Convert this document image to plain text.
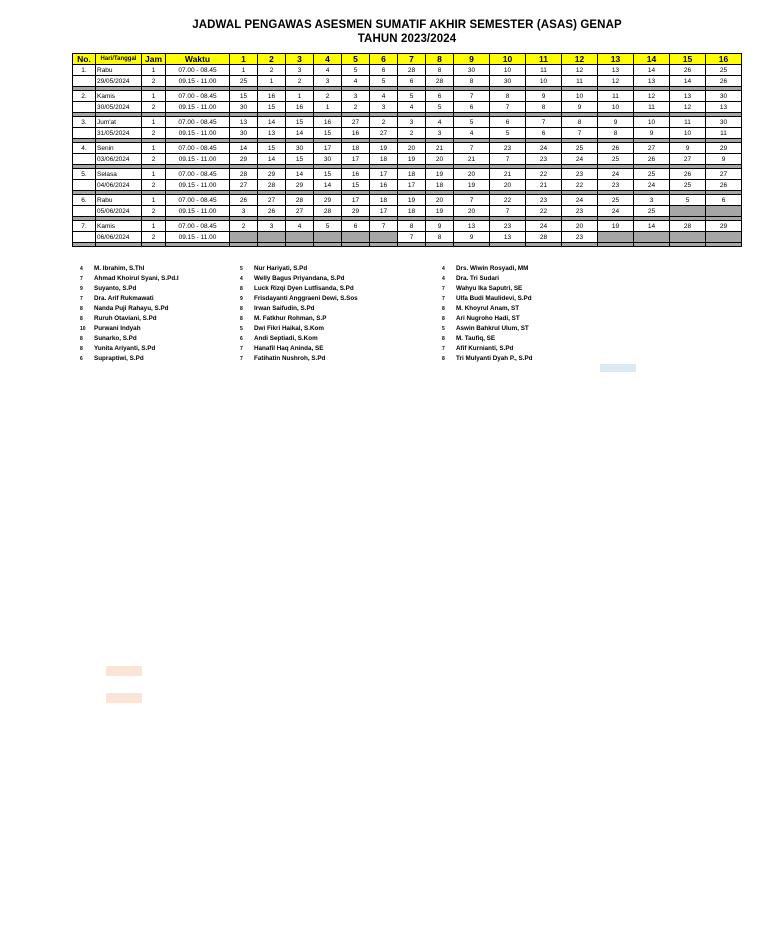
JADWAL PENGAWAS ASESMEN SUMATIF AKHIR SEMESTER (ASAS) GENAP
TAHUN 2023/2024
No.	Hari/Tanggal	Jam	Waktu	1	2	3	4	5	6	7	8	9	10	11	12	13	14	15	16
1.	Rabu	1	07.00 - 08.45	1	2	3	4	5	6	28	8	30	10	11	12	13	14	26	25
	29/05/2024	2	09.15 - 11.00	25	1	2	3	4	5	6	28	8	30	10	11	12	13	14	26

2.	Kamis	1	07.00 - 08.45	15	16	1	2	3	4	5	6	7	8	9	10	11	12	13	30
	30/05/2024	2	09.15 - 11.00	30	15	16	1	2	3	4	5	6	7	8	9	10	11	12	13

3.	Jum'at	1	07.00 - 08.45	13	14	15	16	27	2	3	4	5	6	7	8	9	10	11	30
	31/05/2024	2	09.15 - 11.00	30	13	14	15	16	27	2	3	4	5	6	7	8	9	10	11

4.	Senin	1	07.00 - 08.45	14	15	30	17	18	19	20	21	7	23	24	25	26	27	9	29
	03/06/2024	2	09.15 - 11.00	29	14	15	30	17	18	19	20	21	7	23	24	25	26	27	9

5.	Selasa	1	07.00 - 08.45	28	29	14	15	16	17	18	19	20	21	22	23	24	25	26	27
	04/06/2024	2	09.15 - 11.00	27	28	29	14	15	16	17	18	19	20	21	22	23	24	25	26

6.	Rabu	1	07.00 - 08.45	26	27	28	29	17	18	19	20	7	22	23	24	25	3	5	6
	05/06/2024	2	09.15 - 11.00	3	26	27	28	29	17	18	19	20	7	22	23	24	25		

7.	Kamis	1	07.00 - 08.45	2	3	4	5	6	7	8	9	13	23	24	20	19	14	28	29
	06/06/2024	2	09.15 - 11.00							7	8	9	13	28	23				

4	M. Ibrahim, S.Thl
7	Ahmad Khoirul Syani, S.Pd.I
9	Suyanto, S.Pd
7	Dra. Arif Rukmawati
8	Nanda Puji Rahayu, S.Pd
8	Ruruh Otaviani, S.Pd
10	Purwani Indyah
8	Sunarko, S.Pd
8	Yunita Ariyanti, S.Pd
6	Supraptiwi, S.Pd
5	Nur Hariyati, S.Pd
4	Welly Bagus Priyandana, S.Pd
8	Luck Rizqi Dyen Lutfisanda, S.Pd
9	Frisdayanti Anggraeni Dewi, S.Sos
8	Irwan Saifudin, S.Pd
8	M. Fatkhur Rohman, S.P
5	Dwi Fikri Haikal, S.Kom
6	Andi Septiadi, S.Kom
7	Hanafil Haq Aninda, SE
7	Fatihatin Nushroh, S.Pd
4	Drs. Wiwin Rosyadi, MM
4	Dra. Tri Sudari
7	Wahyu Ika Saputri, SE
7	Ulfa Budi Maulidevi, S.Pd
8	M. Khoyrul Anam, ST
8	Ari Nugroho Hadi, ST
5	Aswin Bahkrul Ulum, ST
8	M. Taufiq, SE
7	Afif Kurnianti, S.Pd
8	Tri Mulyanti Dyah P., S.Pd
